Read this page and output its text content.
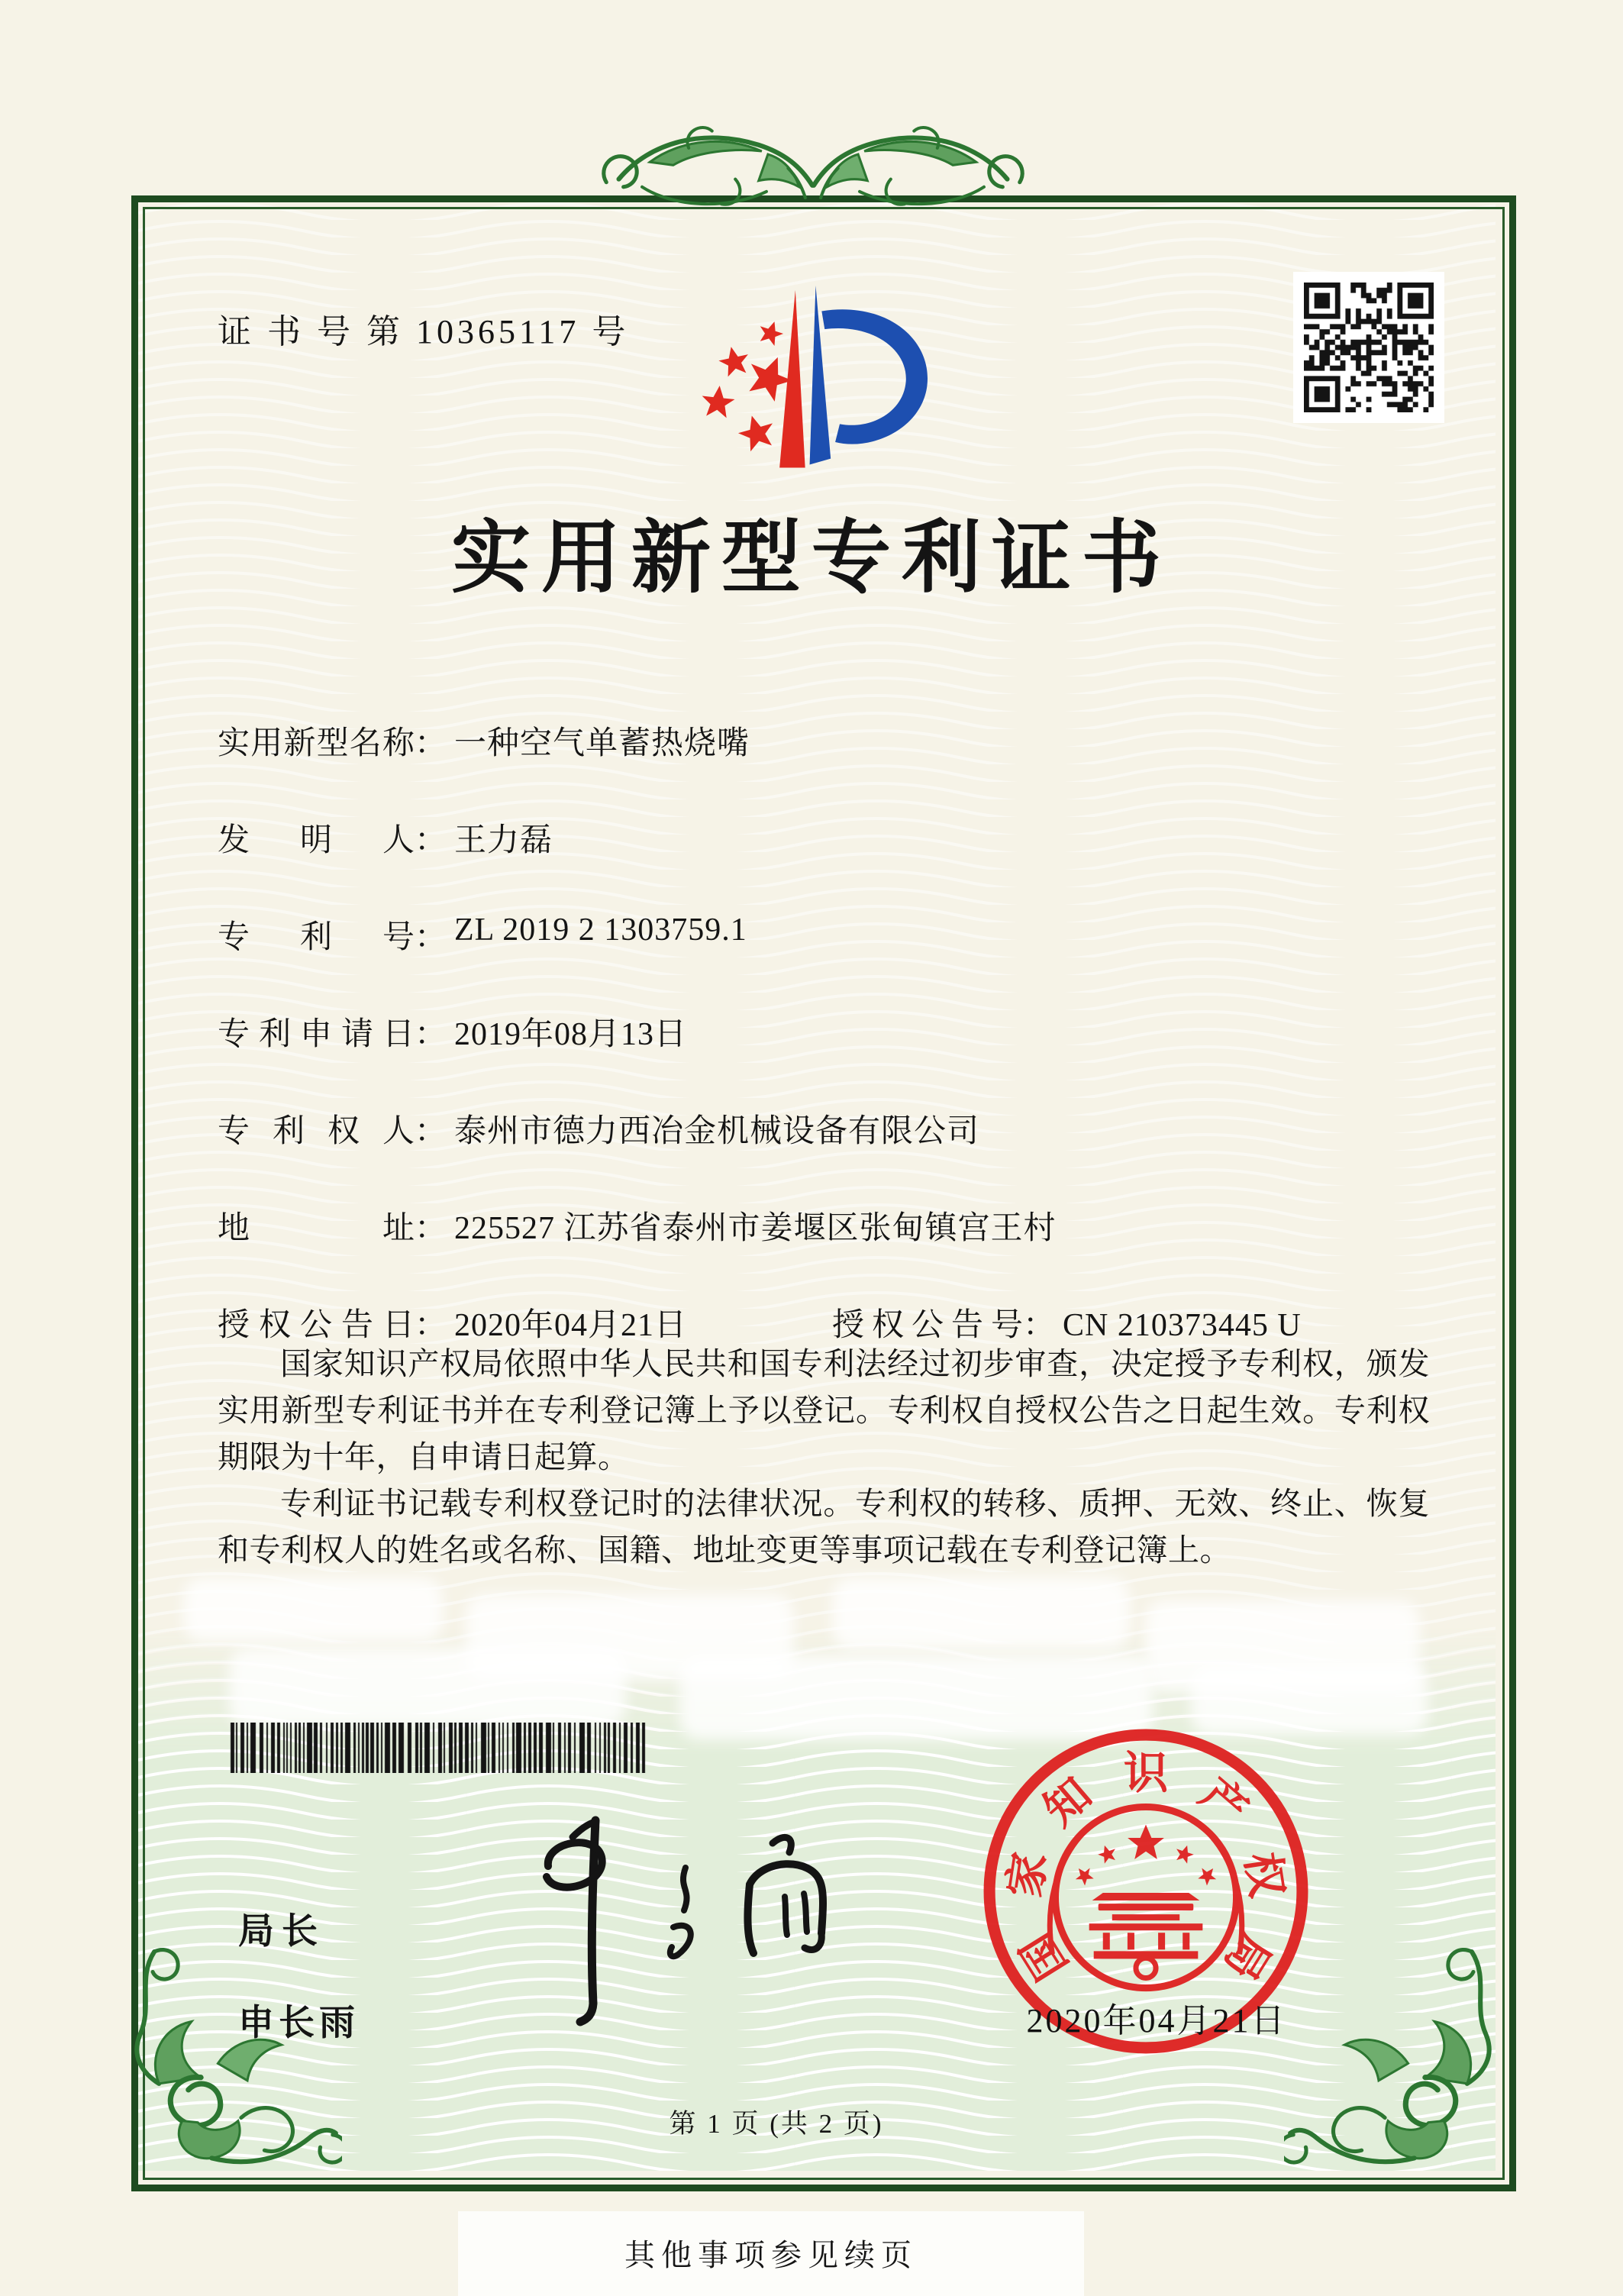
证 书 号 第 10365117 号
实用新型专利证书
实用新型名称 ： 一种空气单蓄热烧嘴
发明人 ： 王力磊
专利号 ： ZL 2019 2 1303759.1
专利申请日 ： 2019年08月13日
专利权人 ： 泰州市德力西冶金机械设备有限公司
地址 ： 225527 江苏省泰州市姜堰区张甸镇宫王村
授权公告日 ： 2020年04月21日	授权公告号： CN 210373445 U

国家知识产权局依照中华人民共和国专利法经过初步审查，决定授予专利权，颁发实用新型专利证书并在专利登记簿上予以登记。专利权自授权公告之日起生效。专利权期限为十年，自申请日起算。

专利证书记载专利权登记时的法律状况。专利权的转移、质押、无效、终止、恢复和专利权人的姓名或名称、国籍、地址变更等事项记载在专利登记簿上。

局长
申长雨
国
家
知 识 产
权
局
2020年04月21日
第 1 页 (共 2 页)
其他事项参见续页
